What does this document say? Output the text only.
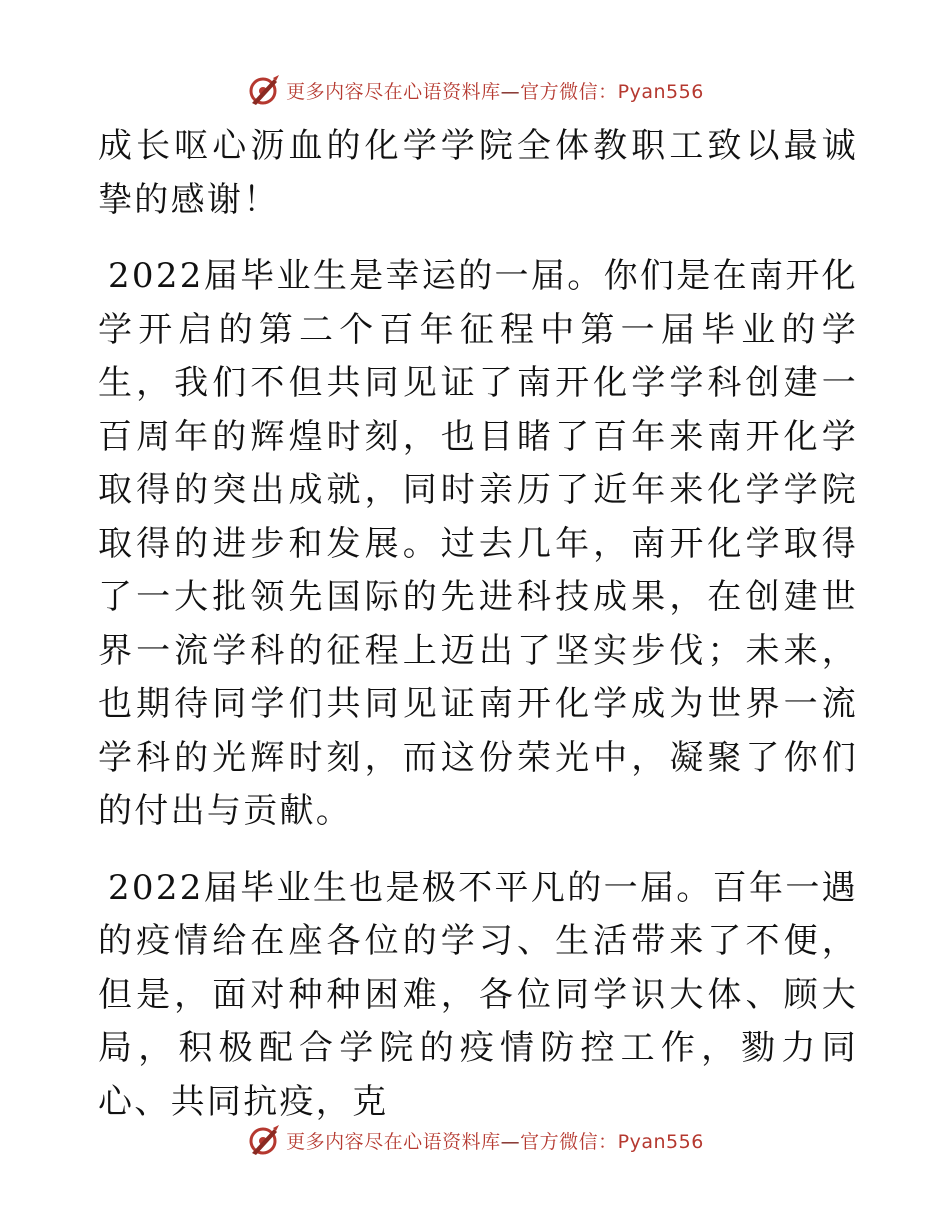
更多内容尽在心语资料库—官方微信：Pyan556

成长呕心沥血的化学学院全体教职工致以最诚挚的感谢！

2022届毕业生是幸运的一届。你们是在南开化学开启的第二个百年征程中第一届毕业的学生，我们不但共同见证了南开化学学科创建一百周年的辉煌时刻，也目睹了百年来南开化学取得的突出成就，同时亲历了近年来化学学院取得的进步和发展。过去几年，南开化学取得了一大批领先国际的先进科技成果，在创建世界一流学科的征程上迈出了坚实步伐；未来，也期待同学们共同见证南开化学成为世界一流学科的光辉时刻，而这份荣光中，凝聚了你们的付出与贡献。

2022届毕业生也是极不平凡的一届。百年一遇的疫情给在座各位的学习、生活带来了不便，但是，面对种种困难，各位同学识大体、顾大局，积极配合学院的疫情防控工作，勠力同心、共同抗疫，克

更多内容尽在心语资料库—官方微信：Pyan556
